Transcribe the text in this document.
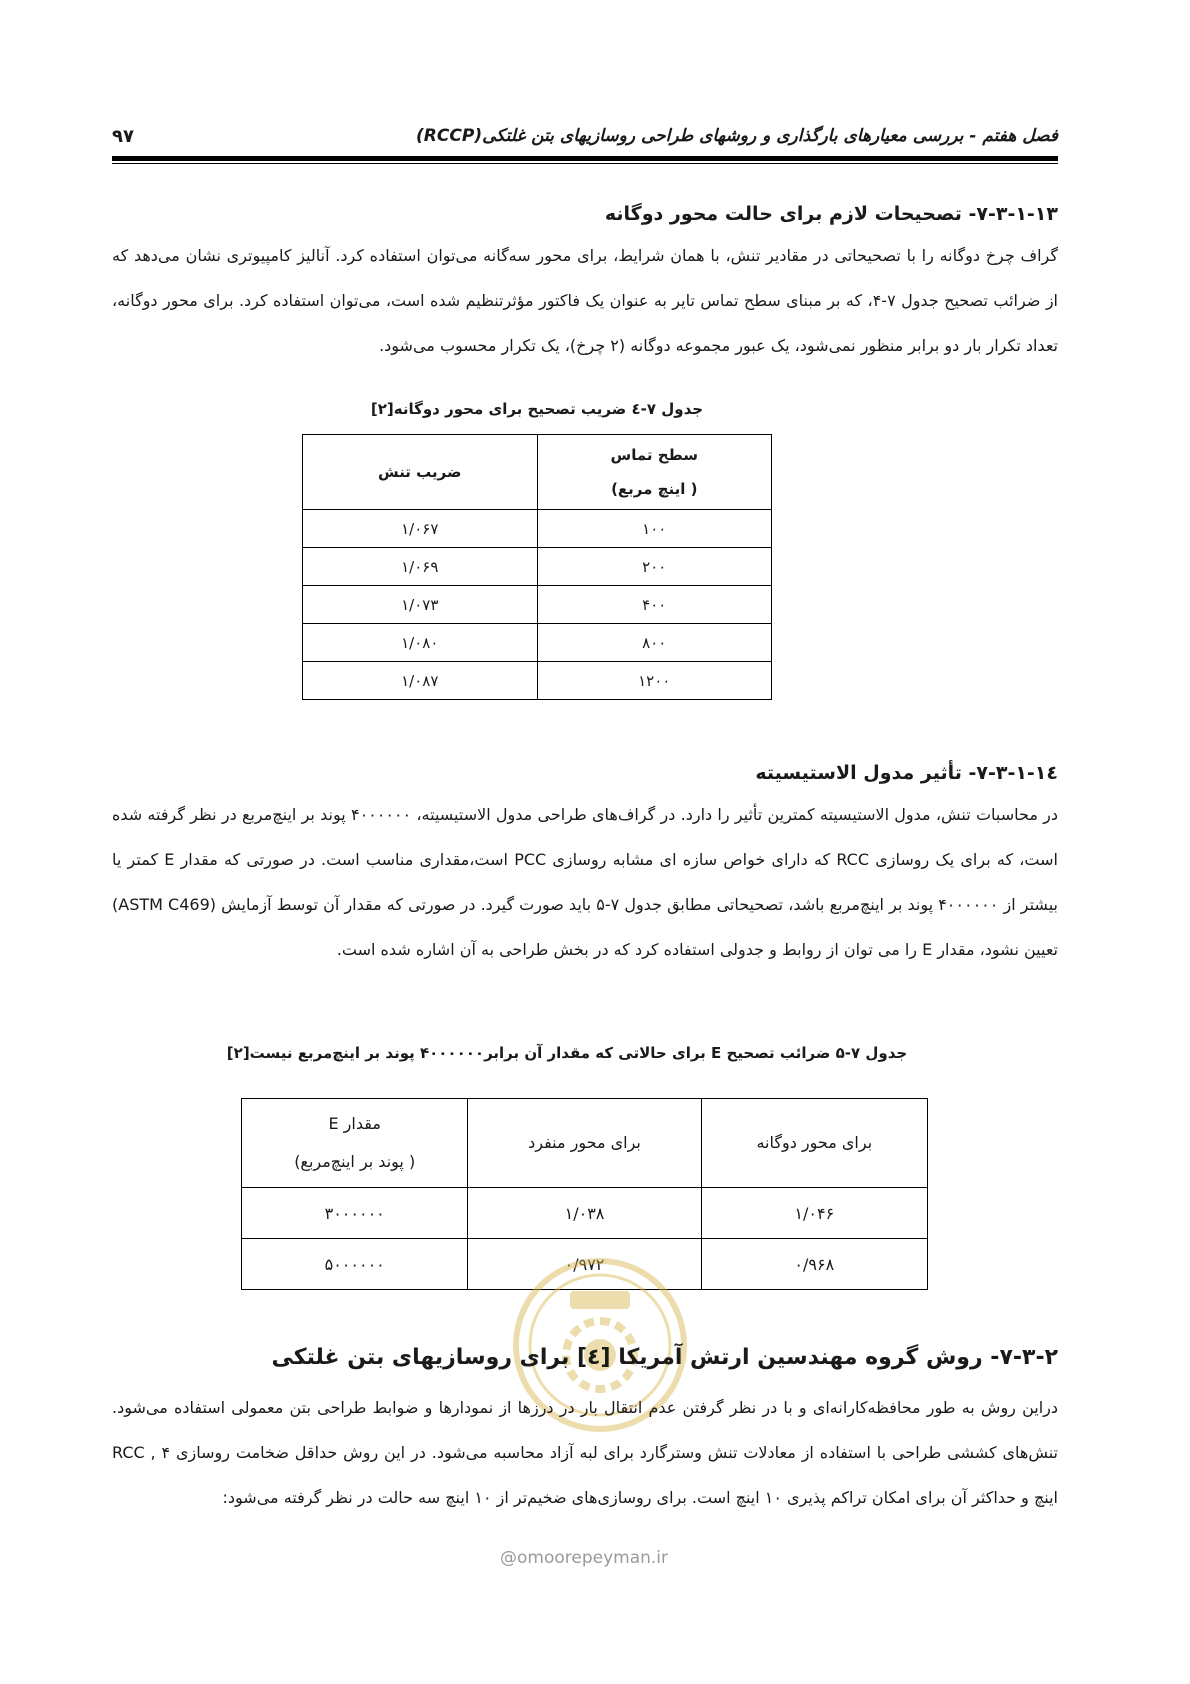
فصل هفتم - بررسی معیارهای بارگذاری و روشهای طراحی روسازیهای بتن غلتکی(RCCP)
۹۷
۷-۳-۱-۱۳- تصحیحات لازم برای حالت محور دوگانه
گراف چرخ دوگانه را با تصحیحاتی در مقادیر تنش، با همان شرایط، برای محور سه‌گانه می‌توان استفاده کرد. آنالیز کامپیوتری نشان می‌دهد که از ضرائب تصحیح جدول ۷-۴، که بر مبنای سطح تماس تایر به عنوان یک فاکتور مؤثرتنظیم شده است، می‌توان استفاده کرد. برای محور دوگانه، تعداد تکرار بار دو برابر منظور نمی‌شود، یک عبور مجموعه دوگانه (۲ چرخ)، یک تکرار محسوب می‌شود.
جدول ۷-٤ ضریب تصحیح برای محور دوگانه[۲]
سطح تماس
( اینچ مربع)	ضریب تنش
۱۰۰	۱/۰۶۷
۲۰۰	۱/۰۶۹
۴۰۰	۱/۰۷۳
۸۰۰	۱/۰۸۰
۱۲۰۰	۱/۰۸۷
۷-۳-۱-۱٤- تأثیر مدول الاستیسیته
در محاسبات تنش، مدول الاستیسیته کمترین تأثیر را دارد. در گراف‌های طراحی مدول الاستیسیته، ۴۰۰۰۰۰۰ پوند بر اینچ‌مربع در نظر گرفته شده است، که برای یک روسازی RCC که دارای خواص سازه ای مشابه روسازی PCC است،مقداری مناسب است. در صورتی که مقدار E کمتر یا بیشتر از ۴۰۰۰۰۰۰ پوند بر اینچ‌مربع باشد، تصحیحاتی مطابق جدول ۷-۵ باید صورت گیرد. در صورتی که مقدار آن توسط آزمایش (ASTM C469) تعیین نشود، مقدار E را می توان از روابط و جدولی استفاده کرد که در بخش طراحی به آن اشاره شده است.
جدول ۷-۵ ضرائب تصحیح E برای حالاتی که مقدار آن برابر۴۰۰۰۰۰۰ پوند بر اینچ‌مربع نیست[۲]
برای محور دوگانه	برای محور منفرد	مقدار E
( پوند بر اینچ‌مربع)

۱/۰۴۶	۱/۰۳۸	۳۰۰۰۰۰۰
۰/۹۶۸	۰/۹۷۲	۵۰۰۰۰۰۰
@omoorepeyman.ir
۷-۳-۲- روش گروه مهندسین ارتش آمریکا [٤] برای روسازیهای بتن غلتکی
دراین روش به طور محافظه‌کارانه‌ای و با در نظر گرفتن عدم انتقال بار در درزها از نمودارها و ضوابط طراحی بتن معمولی استفاده می‌شود. تنش‌های کششی طراحی با استفاده از معادلات تنش وسترگارد برای لبه آزاد محاسبه می‌شود. در این روش حداقل ضخامت روسازی RCC , ۴ اینچ و حداکثر آن برای امکان تراکم پذیری ۱۰ اینچ است. برای روسازی‌های ضخیم‌تر از ۱۰ اینچ سه حالت در نظر گرفته می‌شود:
